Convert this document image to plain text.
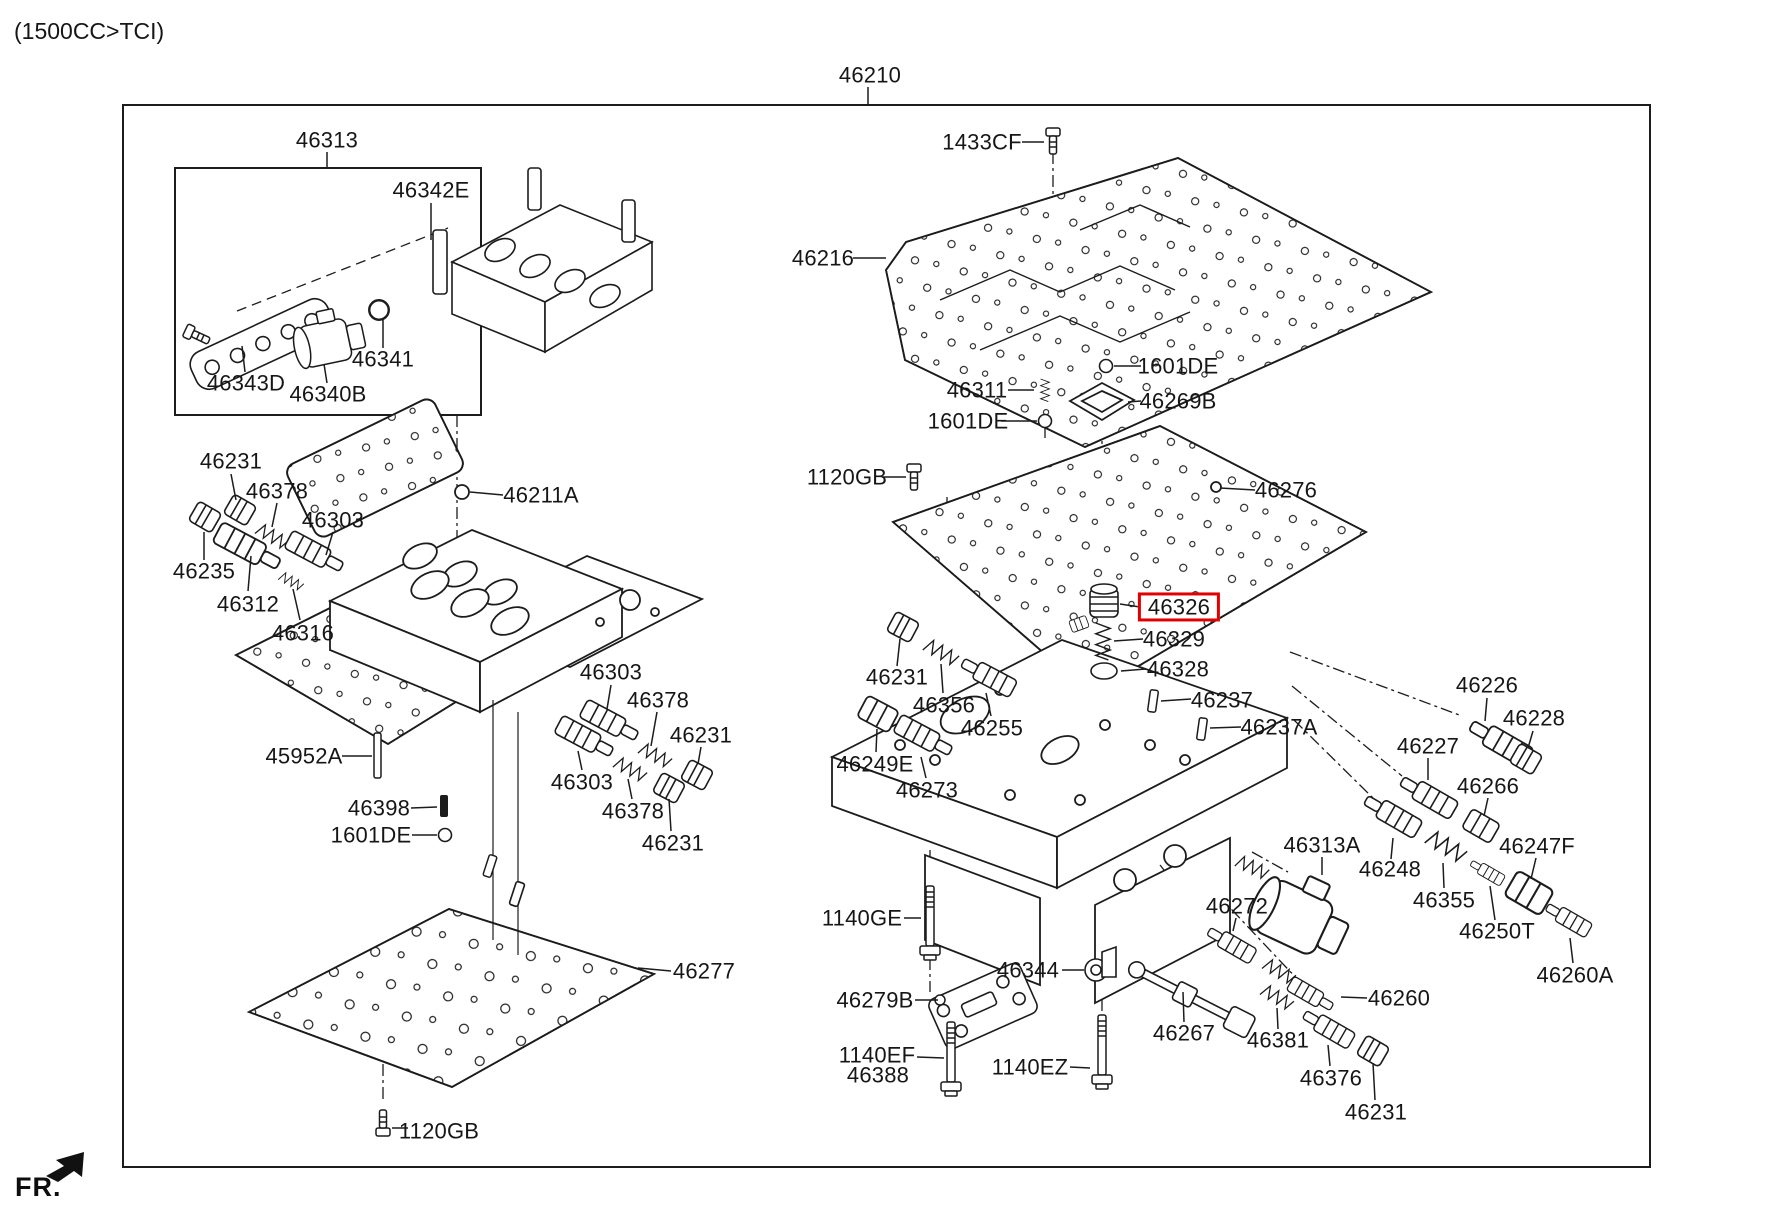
(1500CC>TCI)
FR.
46210
46313
46342E
1433CF
46216
46341
46343D 46340B
1601DE
46311	46269B
1601DE
46231
1120GB
46276
46378	46211A
46303
46235
46312	46326
46316	46329
46328
46303	46231	46226
46237
46378	46356
46228
46237A
46255
46231	46227
45952A	46249E
46303	46266
46273
46398	46378
1601DE	46231	46313A	46247F
46248
46355
46272
1140GE
46250T
46344
46277	46260A
46260
46279B
46267 46381
1140EF	1140EZ
46388	46376
46231
1120GB
